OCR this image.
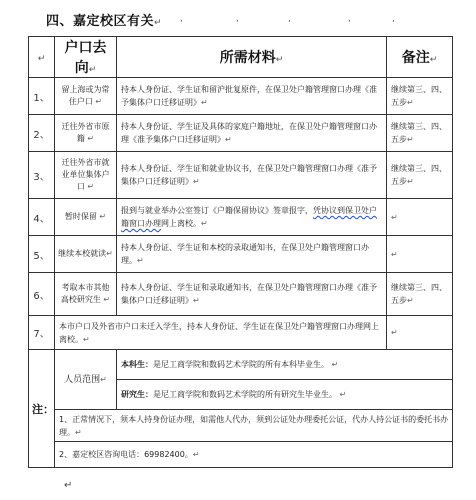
四、嘉定校区有关↵ ,	,	,	,	,
↵	户口去向↵	所需材料↵	备注↵
1、	留上海或为常住户口 ↵	持本人身份证、学生证和留沪批复原件，在保卫处户籍管理窗口办理《准予集体户口迁移证明》↵	继续第三、四、五步↵
2、	迁往外省市原籍 ↵	持本人身份证、学生证及具体的家庭户籍地址，在保卫处户籍管理窗口办理《准予集体户口迁移证明》↵	继续第三、四、五步↵
3、	迁往外省市就业单位集体户口 ↵	持本人身份证、学生证和就业协议书，在保卫处户籍管理窗口办理《准予集体户口迁移证明》↵	继续第三、四、五步↵
4、	暂时保留 ↵	报到与就业举办公室签订《户籍保留协议》签章报字，凭协议到保卫处户籍窗口办理网上离校。↵	↵
5、	继续本校就读↵	持本人身份证、学生证和本校的录取通知书，在保卫处户籍管理窗口办理。↵	↵
6、	考取本市其他高校研究生 ↵	持本人身份证、学生证和录取通知书，在保卫处户籍管理窗口办理《准予集体户口迁移证明》↵	继续第三、四、五步↵
7、	本市户口及外省市户口未迁入学生，持本人身份证、学生证在保卫处户籍管理窗口办理网上离校。↵		↵
注：	人员范围↵	本科生：是尼工商学院和数码艺术学院的所有本科毕业生。 ↵	
		研究生：是尼工商学院和数码艺术学院的所有研究生毕业生。 ↵	
	1、正常情况下，须本人持身份证办理，如需他人代办，须到公证处办理委托公证，代办人持公证书的委托书办理。↵		
	2、嘉定校区咨询电话：69982400。↵		
↵
